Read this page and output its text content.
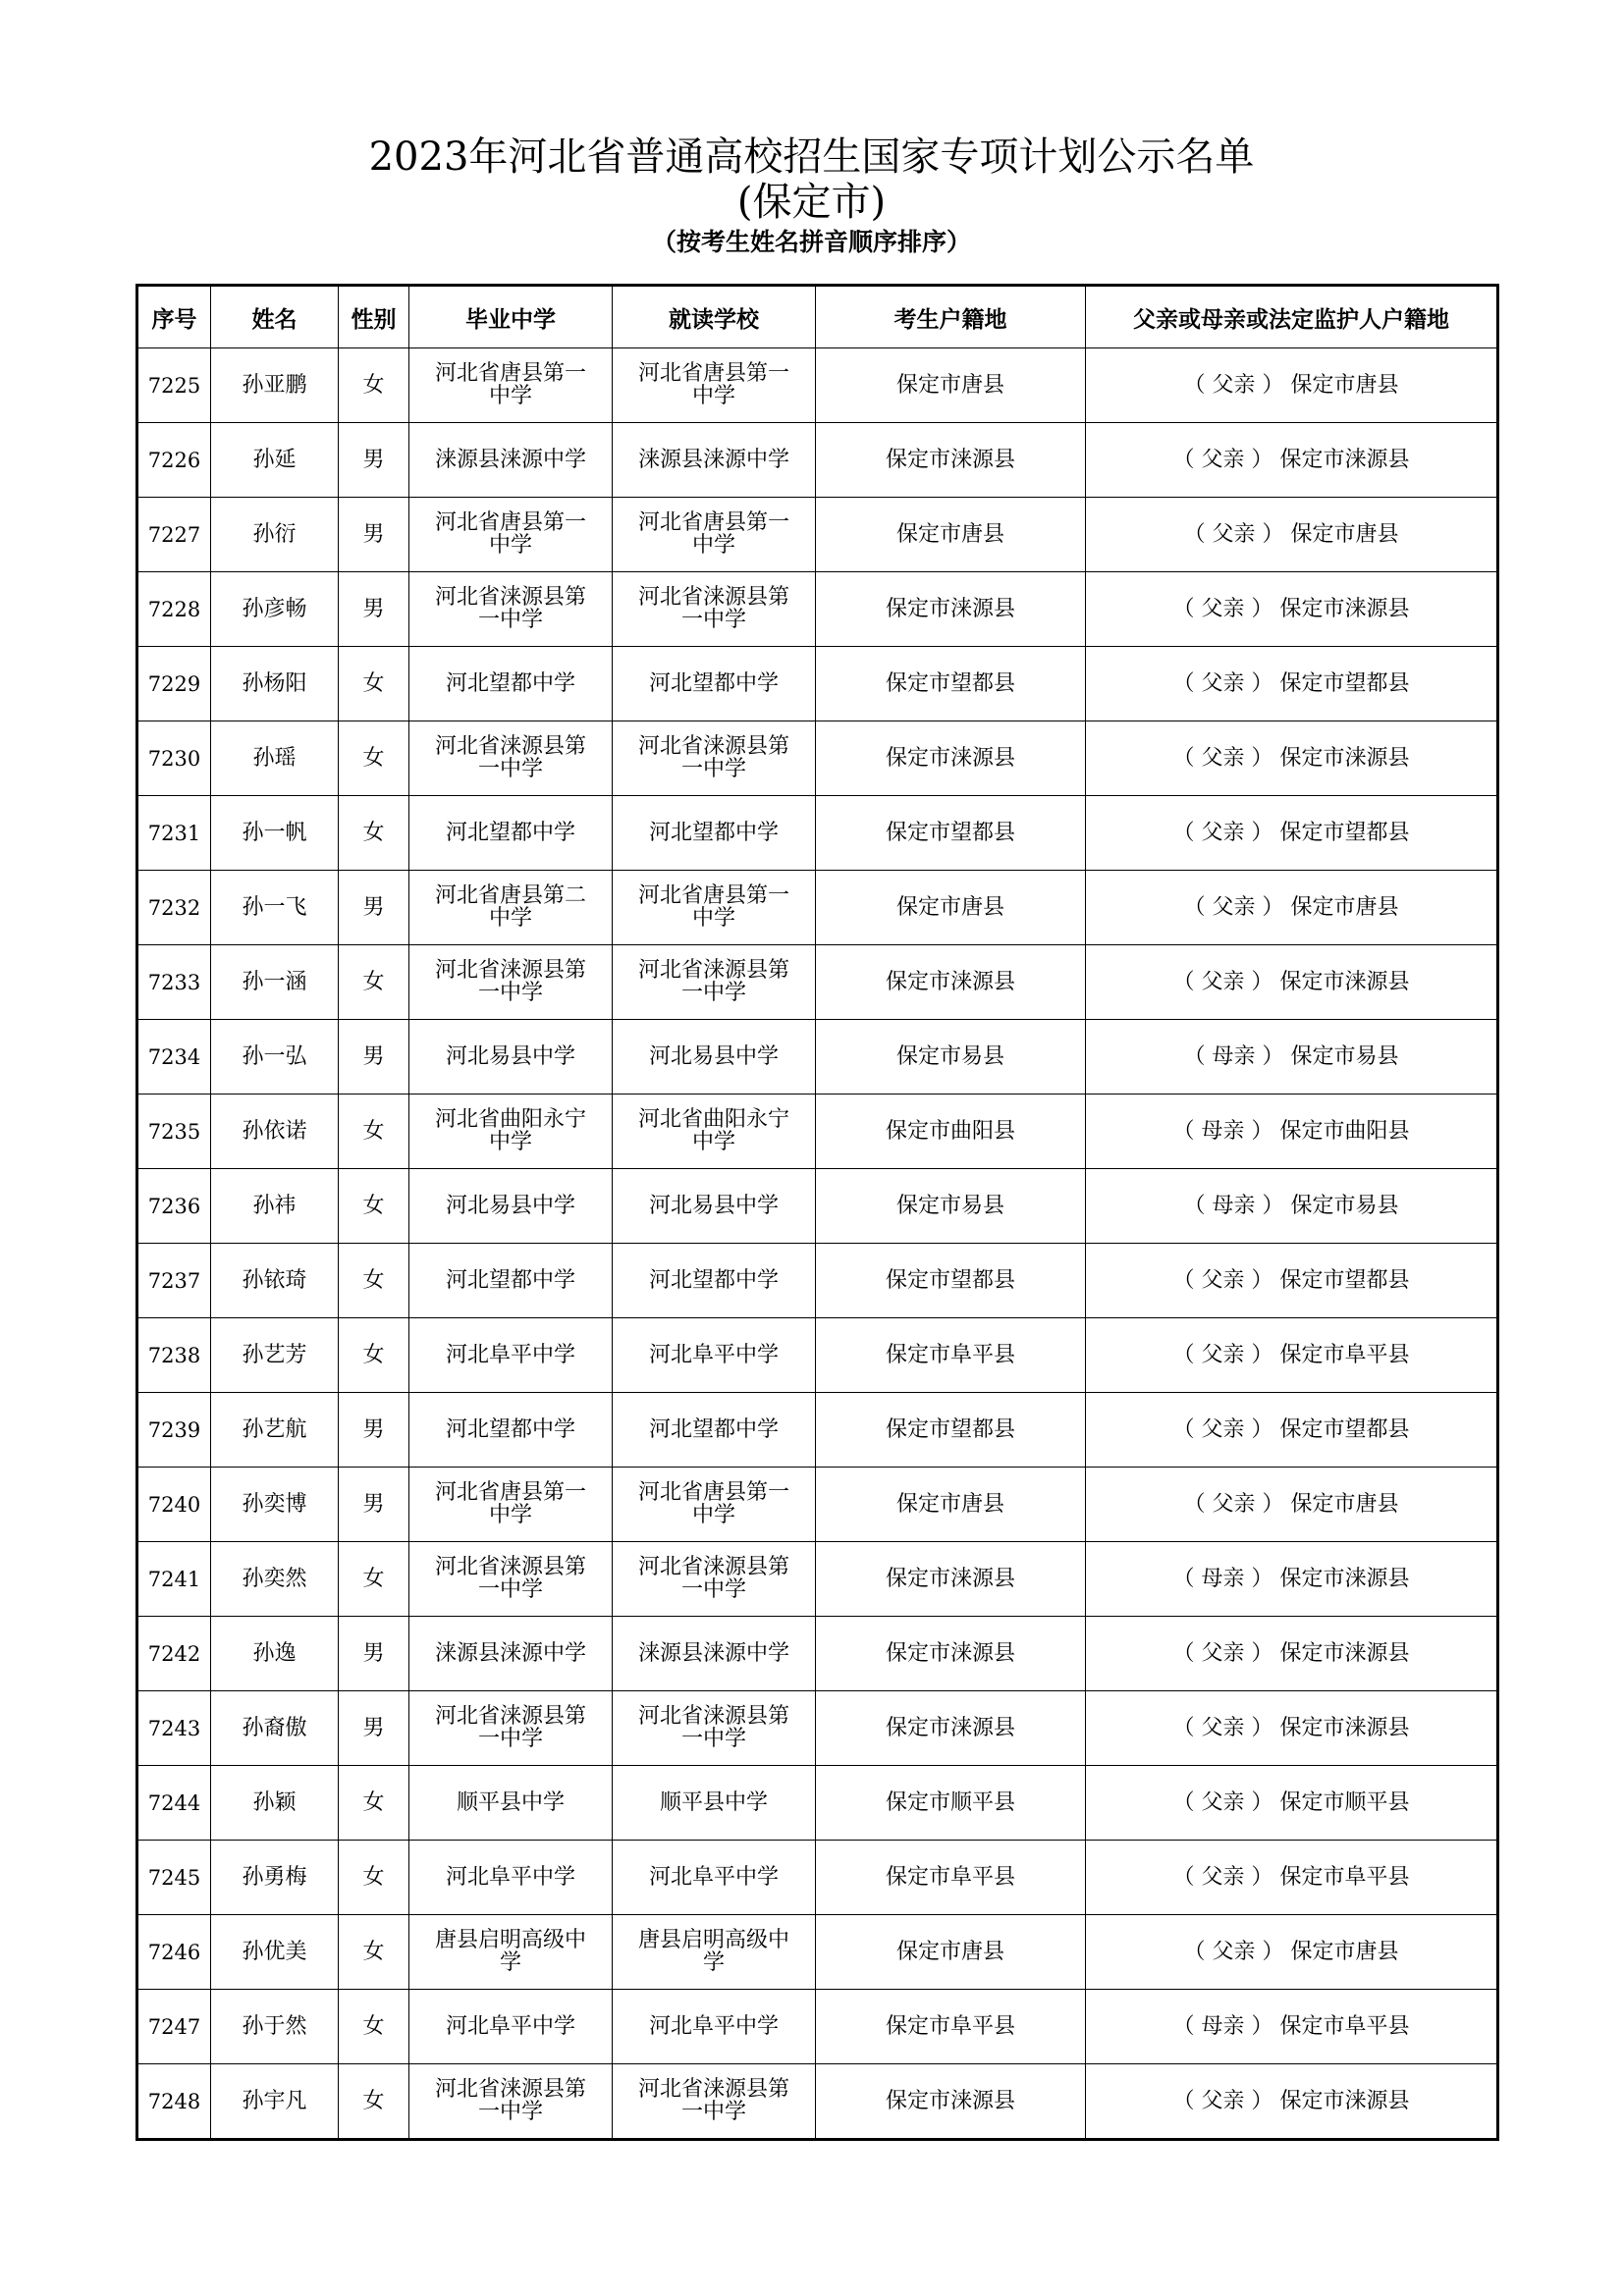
2023年河北省普通高校招生国家专项计划公示名单
(保定市)
（按考生姓名拼音顺序排序）
序号	姓名	性别	毕业中学	就读学校	考生户籍地	父亲或母亲或法定监护人户籍地
7225	孙亚鹏	女	河北省唐县第一中学	河北省唐县第一中学	保定市唐县	（ 父亲 ） 保定市唐县
7226	孙延	男	涞源县涞源中学	涞源县涞源中学	保定市涞源县	（ 父亲 ） 保定市涞源县
7227	孙衍	男	河北省唐县第一中学	河北省唐县第一中学	保定市唐县	（ 父亲 ） 保定市唐县
7228	孙彦畅	男	河北省涞源县第一中学	河北省涞源县第一中学	保定市涞源县	（ 父亲 ） 保定市涞源县
7229	孙杨阳	女	河北望都中学	河北望都中学	保定市望都县	（ 父亲 ） 保定市望都县
7230	孙瑶	女	河北省涞源县第一中学	河北省涞源县第一中学	保定市涞源县	（ 父亲 ） 保定市涞源县
7231	孙一帆	女	河北望都中学	河北望都中学	保定市望都县	（ 父亲 ） 保定市望都县
7232	孙一飞	男	河北省唐县第二中学	河北省唐县第一中学	保定市唐县	（ 父亲 ） 保定市唐县
7233	孙一涵	女	河北省涞源县第一中学	河北省涞源县第一中学	保定市涞源县	（ 父亲 ） 保定市涞源县
7234	孙一弘	男	河北易县中学	河北易县中学	保定市易县	（ 母亲 ） 保定市易县
7235	孙依诺	女	河北省曲阳永宁中学	河北省曲阳永宁中学	保定市曲阳县	（ 母亲 ） 保定市曲阳县
7236	孙祎	女	河北易县中学	河北易县中学	保定市易县	（ 母亲 ） 保定市易县
7237	孙铱琦	女	河北望都中学	河北望都中学	保定市望都县	（ 父亲 ） 保定市望都县
7238	孙艺芳	女	河北阜平中学	河北阜平中学	保定市阜平县	（ 父亲 ） 保定市阜平县
7239	孙艺航	男	河北望都中学	河北望都中学	保定市望都县	（ 父亲 ） 保定市望都县
7240	孙奕博	男	河北省唐县第一中学	河北省唐县第一中学	保定市唐县	（ 父亲 ） 保定市唐县
7241	孙奕然	女	河北省涞源县第一中学	河北省涞源县第一中学	保定市涞源县	（ 母亲 ） 保定市涞源县
7242	孙逸	男	涞源县涞源中学	涞源县涞源中学	保定市涞源县	（ 父亲 ） 保定市涞源县
7243	孙裔傲	男	河北省涞源县第一中学	河北省涞源县第一中学	保定市涞源县	（ 父亲 ） 保定市涞源县
7244	孙颖	女	顺平县中学	顺平县中学	保定市顺平县	（ 父亲 ） 保定市顺平县
7245	孙勇梅	女	河北阜平中学	河北阜平中学	保定市阜平县	（ 父亲 ） 保定市阜平县
7246	孙优美	女	唐县启明高级中学	唐县启明高级中学	保定市唐县	（ 父亲 ） 保定市唐县
7247	孙于然	女	河北阜平中学	河北阜平中学	保定市阜平县	（ 母亲 ） 保定市阜平县
7248	孙宇凡	女	河北省涞源县第一中学	河北省涞源县第一中学	保定市涞源县	（ 父亲 ） 保定市涞源县
